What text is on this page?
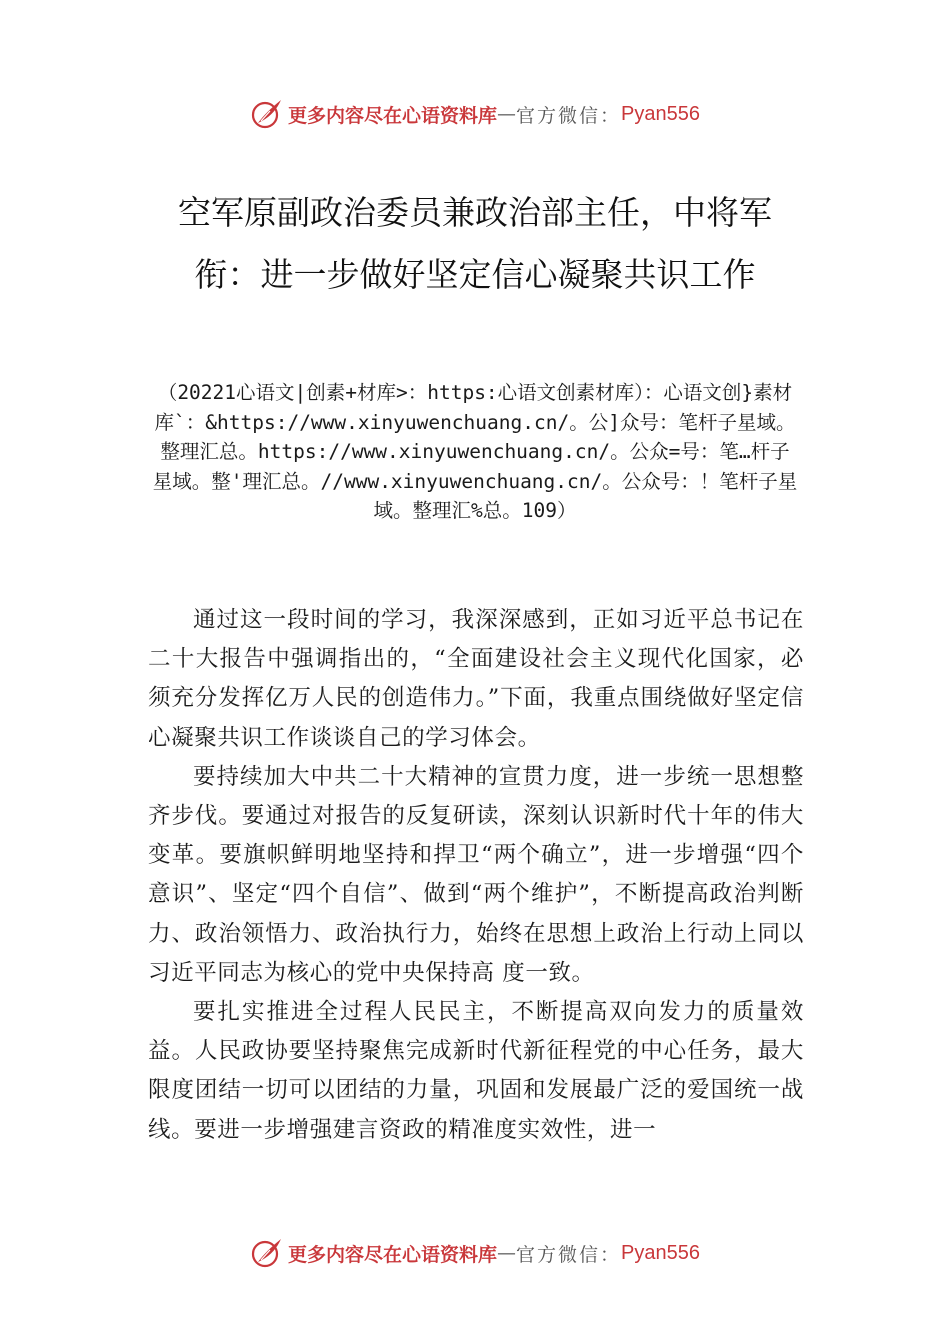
更多内容尽在心语资料库 — 官方微信： Pyan556
空军原副政治委员兼政治部主任，中将军衔：进一步做好坚定信心凝聚共识工作

（20221心语文|创素+材库>：https:心语文创素材库）：心语文创}素材库`：&https://www.xinyuwenchuang.cn/。公]众号：笔杆子星域。整理汇总。https://www.xinyuwenchuang.cn/。公众=号：笔…杆子星域。整'理汇总。//www.xinyuwenchuang.cn/。公众号：！笔杆子星域。整理汇%总。109）

通过这一段时间的学习，我深深感到，正如习近平总书记在二十大报告中强调指出的，“全面建设社会主义现代化国家，必须充分发挥亿万人民的创造伟力。”下面，我重点围绕做好坚定信心凝聚共识工作谈谈自己的学习体会。

要持续加大中共二十大精神的宣贯力度，进一步统一思想整齐步伐。要通过对报告的反复研读，深刻认识新时代十年的伟大变革。要旗帜鲜明地坚持和捍卫“两个确立”，进一步增强“四个意识”、坚定“四个自信”、做到“两个维护”，不断提高政治判断力、政治领悟力、政治执行力，始终在思想上政治上行动上同以习近平同志为核心的党中央保持高 度一致。

要扎实推进全过程人民民主，不断提高双向发力的质量效益。人民政协要坚持聚焦完成新时代新征程党的中心任务，最大限度团结一切可以团结的力量，巩固和发展最广泛的爱国统一战线。要进一步增强建言资政的精准度实效性，进一

更多内容尽在心语资料库 — 官方微信： Pyan556
